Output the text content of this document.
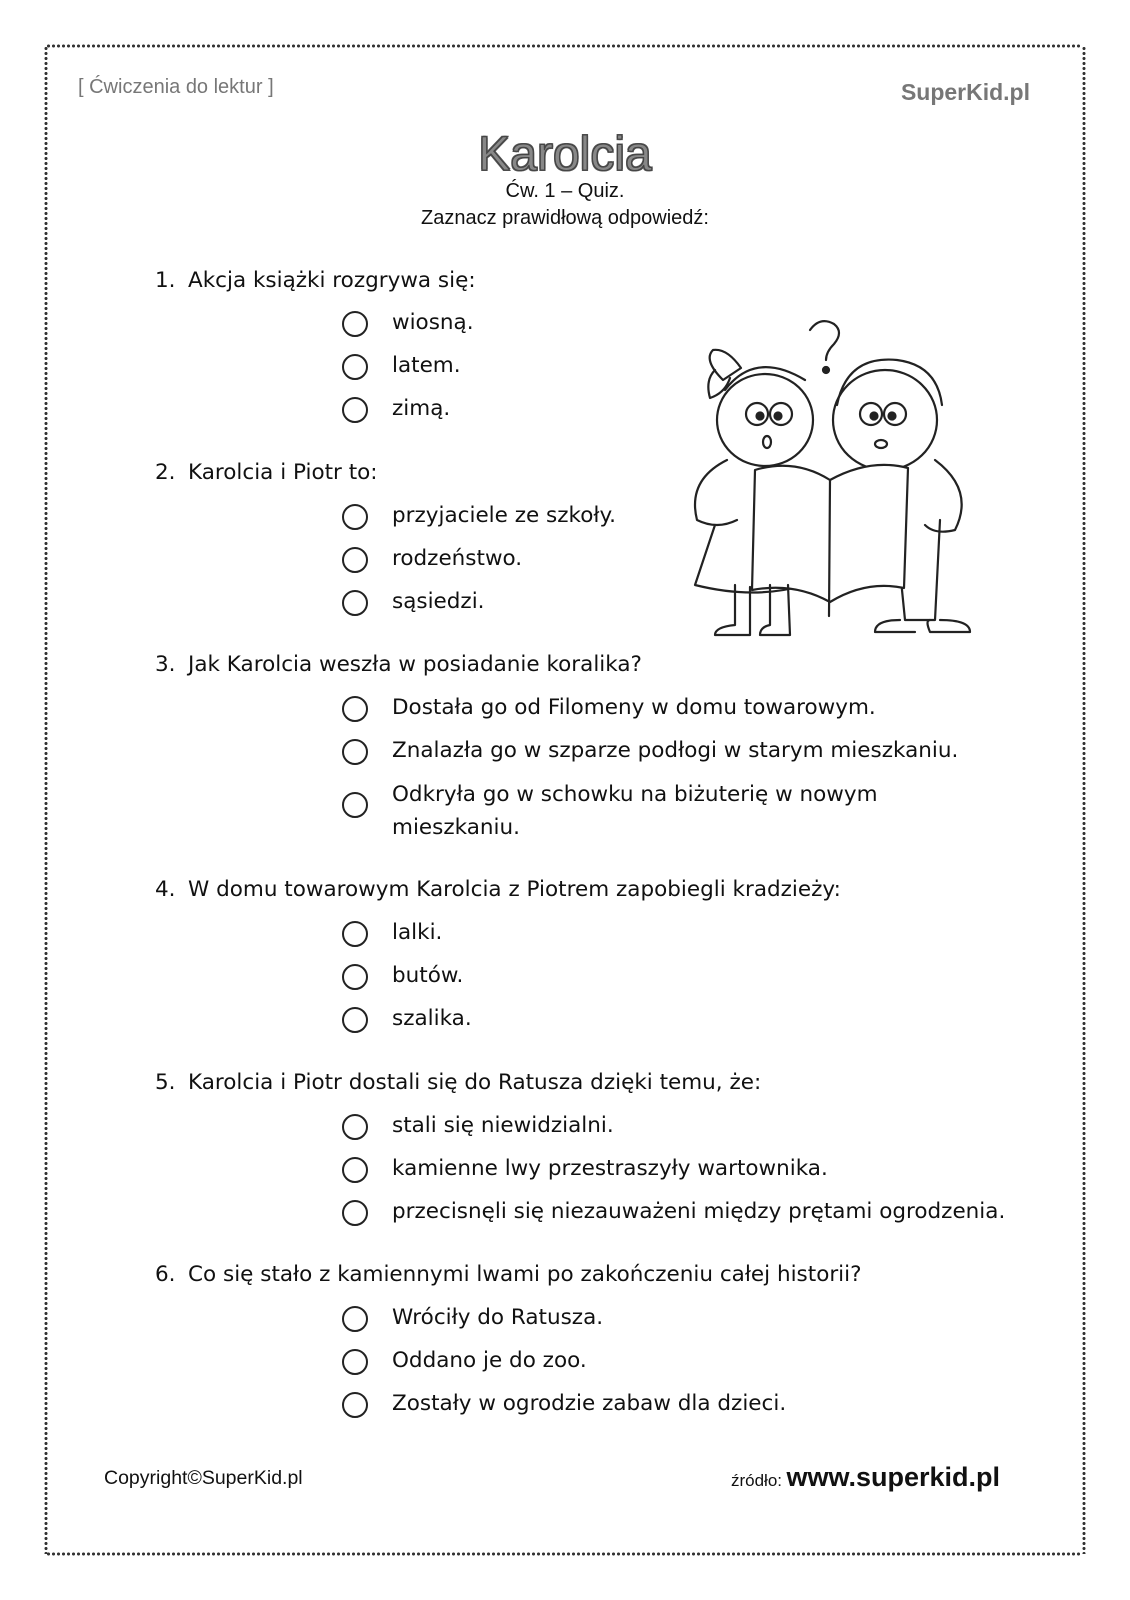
[ Ćwiczenia do lektur ]	SuperKid.pl
Karolcia
Ćw. 1 – Quiz.
Zaznacz prawidłową odpowiedź:
1. Akcja książki rozgrywa się:
wiosną.
latem.
zimą.
2. Karolcia i Piotr to:
przyjaciele ze szkoły.
rodzeństwo.
sąsiedzi.
3. Jak Karolcia weszła w posiadanie koralika?
Dostała go od Filomeny w domu towarowym.
Znalazła go w szparze podłogi w starym mieszkaniu.
Odkryła go w schowku na biżuterię w nowym mieszkaniu.
4. W domu towarowym Karolcia z Piotrem zapobiegli kradzieży:
lalki.
butów.
szalika.
5. Karolcia i Piotr dostali się do Ratusza dzięki temu, że:
stali się niewidzialni.
kamienne lwy przestraszyły wartownika.
przecisnęli się niezauważeni między prętami ogrodzenia.
6. Co się stało z kamiennymi lwami po zakończeniu całej historii?
Wróciły do Ratusza.
Oddano je do zoo.
Zostały w ogrodzie zabaw dla dzieci.
Copyright©SuperKid.pl	źródło: www.superkid.pl
